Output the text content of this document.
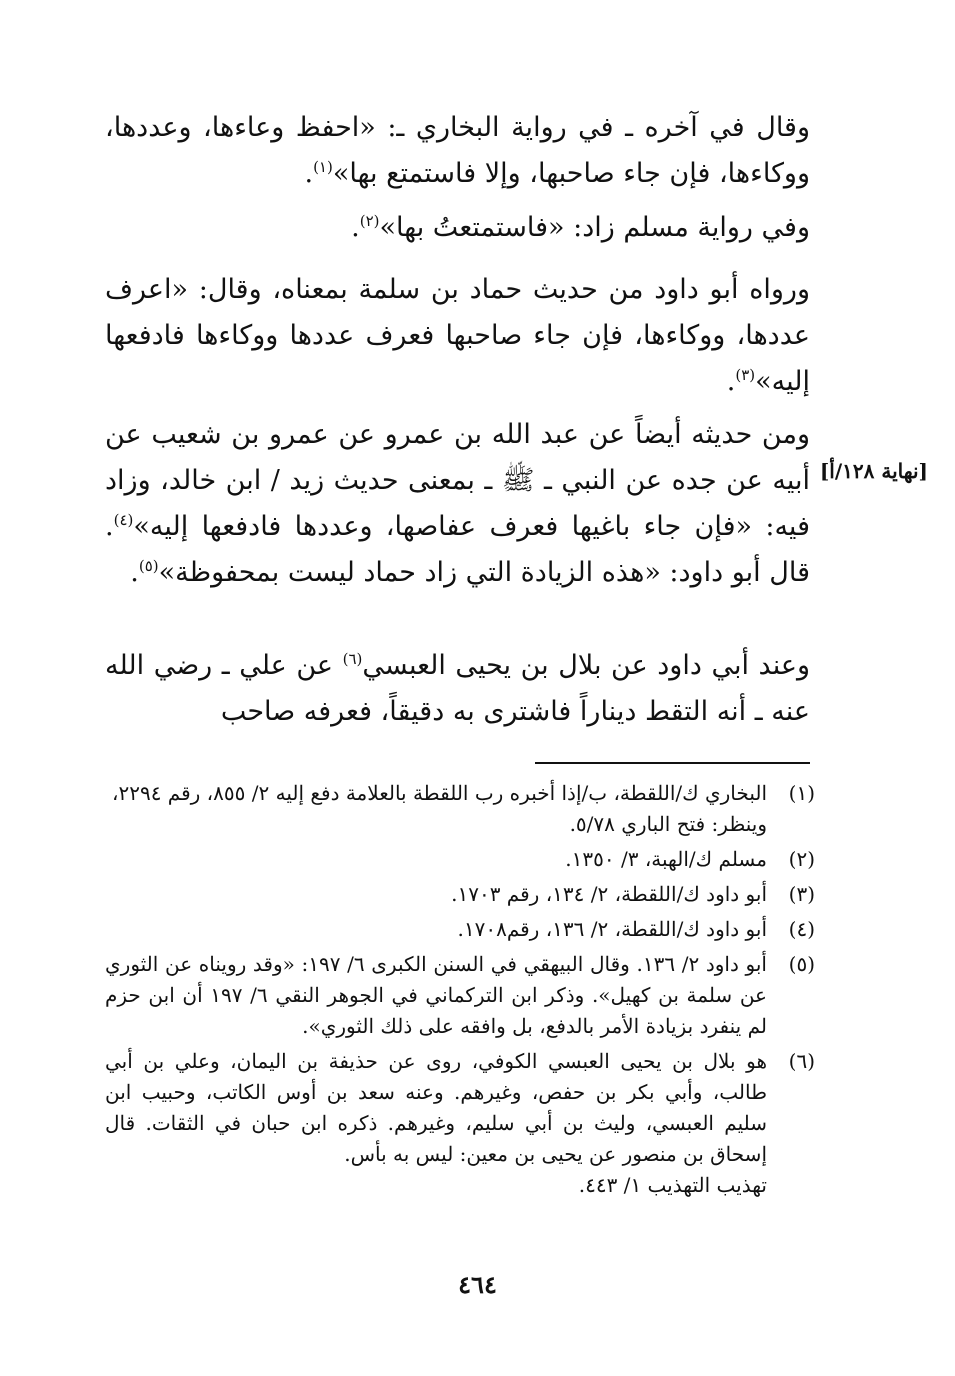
وقال في آخره ـ في رواية البخاري ـ: «احفظ وعاءها، وعددها، ووكاءها، فإن جاء صاحبها، وإلا فاستمتع بها»$^{(١)}$.

وفي رواية مسلم زاد: «فاستمتعتُ بها»$^{(٢)}$.

ورواه أبو داود من حديث حماد بن سلمة بمعناه، وقال: «اعرف عددها، ووكاءها، فإن جاء صاحبها فعرف عددها ووكاءها فادفعها إليه»$^{(٣)}$.

ومن حديثه أيضاً عن عبد الله بن عمرو عن عمرو بن شعيب عن أبيه عن جده عن النبي ـ ﷺ ـ بمعنى حديث زيد / ابن خالد، وزاد فيه: «فإن جاء باغيها فعرف عفاصها، وعددها فادفعها إليه»$^{(٤)}$. قال أبو داود: «هذه الزيادة التي زاد حماد ليست بمحفوظة»$^{(٥)}$.

[نهاية ١٢٨/أ]

وعند أبي داود عن بلال بن يحيى العبسي$^{(٦)}$ عن علي ـ رضي الله عنه ـ أنه التقط ديناراً فاشترى به دقيقاً، فعرفه صاحب

(١)
البخاري ك/اللقطة، ب/إذا أخبره رب اللقطة بالعلامة دفع إليه ٢/ ٨٥٥، رقم ٢٢٩٤،
وينظر: فتح الباري ٥/٧٨.
(٢)
مسلم ك/الهبة، ٣/ ١٣٥٠.
(٣)
أبو داود ك/اللقطة، ٢/ ١٣٤، رقم ١٧٠٣.
(٤)
أبو داود ك/اللقطة، ٢/ ١٣٦، رقم١٧٠٨.
(٥)
أبو داود ٢/ ١٣٦. وقال البيهقي في السنن الكبرى ٦/ ١٩٧: «وقد رويناه عن الثوري عن سلمة بن كهيل». وذكر ابن التركماني في الجوهر النقي ٦/ ١٩٧ أن ابن حزم لم ينفرد بزيادة الأمر بالدفع، بل وافقه على ذلك الثوري».
(٦)
هو بلال بن يحيى العبسي الكوفي، روى عن حذيفة بن اليمان، وعلي بن أبي طالب، وأبي بكر بن حفص، وغيرهم. وعنه سعد بن أوس الكاتب، وحبيب ابن سليم العبسي، وليث بن أبي سليم، وغيرهم. ذكره ابن حبان في الثقات. قال إسحاق بن منصور عن يحيى بن معين: ليس به بأس.
تهذيب التهذيب ١/ ٤٤٣.
٤٦٤
